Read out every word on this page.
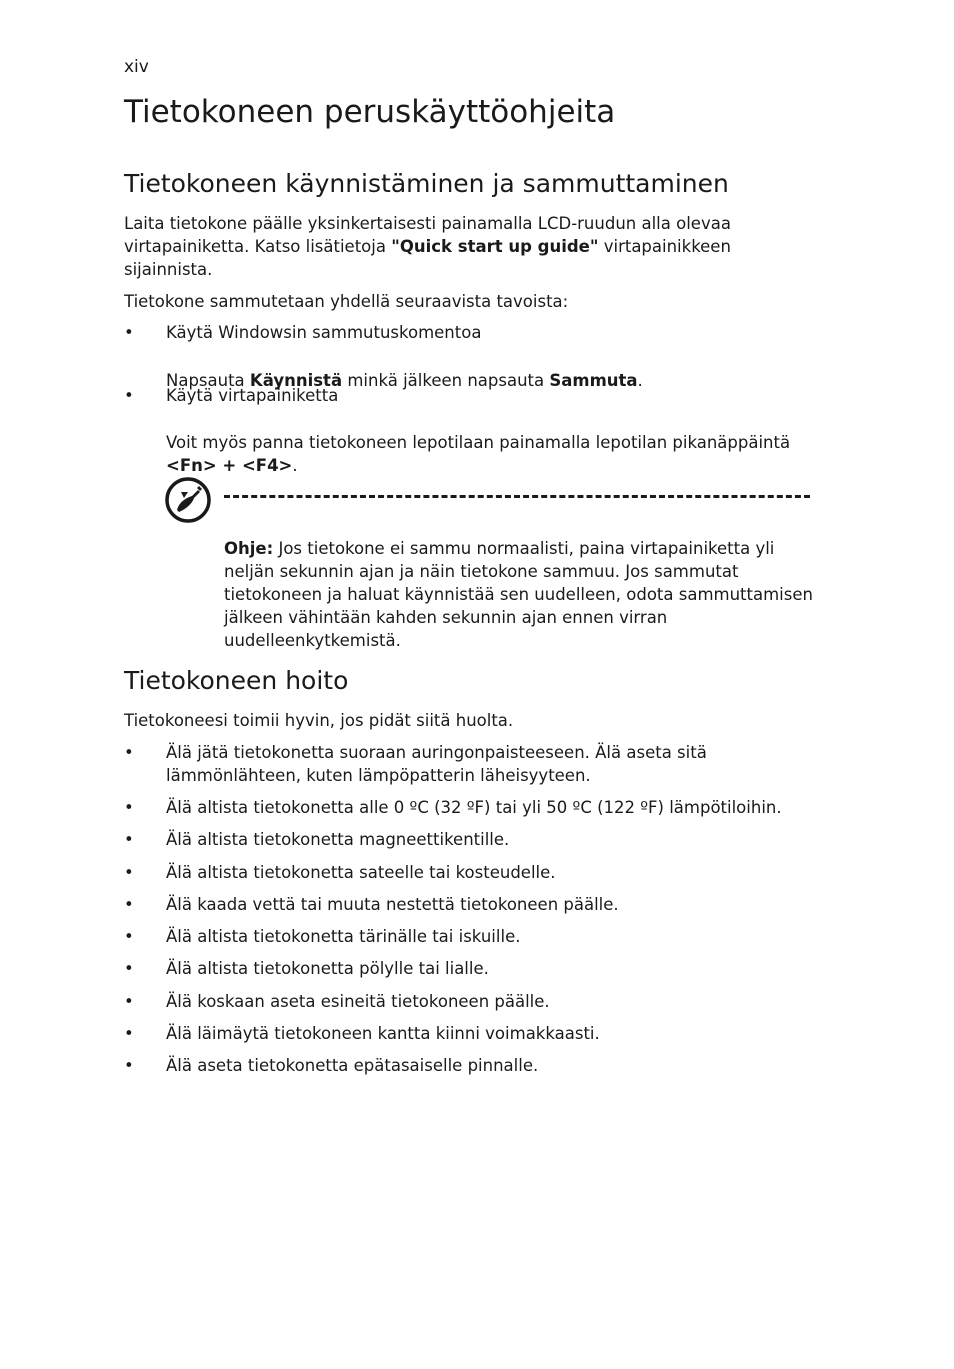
xiv
Tietokoneen peruskäyttöohjeita
Tietokoneen käynnistäminen ja sammuttaminen

Laita tietokone päälle yksinkertaisesti painamalla LCD-ruudun alla olevaa virtapainiketta. Katso lisätietoja "Quick start up guide" virtapainikkeen sijainnista.

Tietokone sammutetaan yhdellä seuraavista tavoista:

• Käytä Windowsin sammutuskomentoa

Napsauta Käynnistä minkä jälkeen napsauta Sammuta.

• Käytä virtapainiketta

Voit myös panna tietokoneen lepotilaan painamalla lepotilan pikanäppäintä <Fn> + <F4>.

Ohje: Jos tietokone ei sammu normaalisti, paina virtapainiketta yli neljän sekunnin ajan ja näin tietokone sammuu. Jos sammutat tietokoneen ja haluat käynnistää sen uudelleen, odota sammuttamisen jälkeen vähintään kahden sekunnin ajan ennen virran uudelleenkytkemistä.

Tietokoneen hoito

Tietokoneesi toimii hyvin, jos pidät siitä huolta.

• Älä jätä tietokonetta suoraan auringonpaisteeseen. Älä aseta sitä lämmönlähteen, kuten lämpöpatterin läheisyyteen.
• Älä altista tietokonetta alle 0 ºC (32 ºF) tai yli 50 ºC (122 ºF) lämpötiloihin.
• Älä altista tietokonetta magneettikentille.
• Älä altista tietokonetta sateelle tai kosteudelle.
• Älä kaada vettä tai muuta nestettä tietokoneen päälle.
• Älä altista tietokonetta tärinälle tai iskuille.
• Älä altista tietokonetta pölylle tai lialle.
• Älä koskaan aseta esineitä tietokoneen päälle.
• Älä läimäytä tietokoneen kantta kiinni voimakkaasti.
• Älä aseta tietokonetta epätasaiselle pinnalle.
